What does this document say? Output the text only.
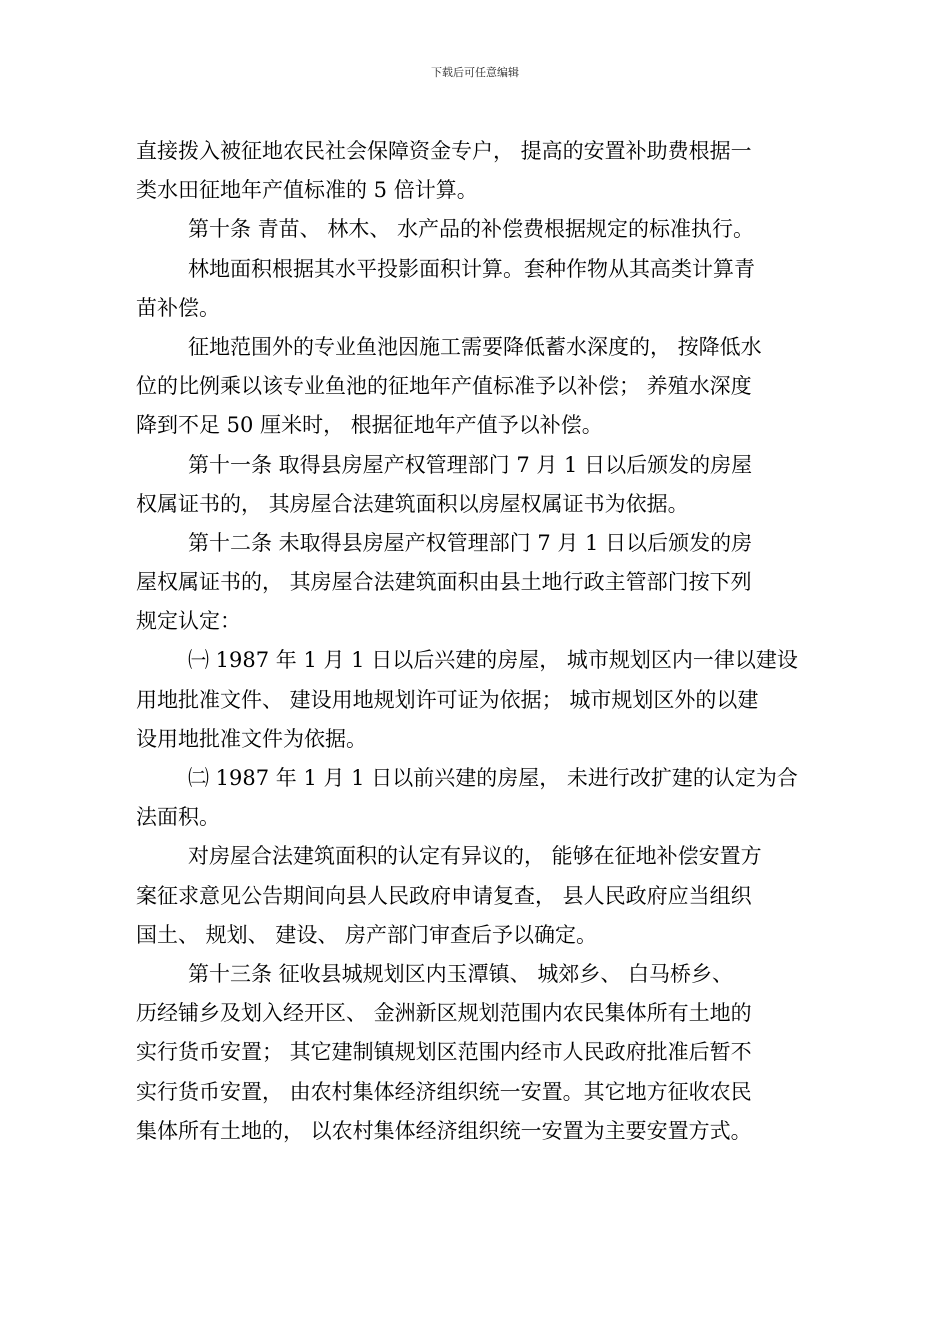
下载后可任意编辑
直接拨入被征地农民社会保障资金专户， 提高的安置补助费根据一
类水田征地年产值标准的 5 倍计算。
第十条 青苗、 林木、 水产品的补偿费根据规定的标准执行。
林地面积根据其水平投影面积计算。套种作物从其高类计算青
苗补偿。
征地范围外的专业鱼池因施工需要降低蓄水深度的， 按降低水
位的比例乘以该专业鱼池的征地年产值标准予以补偿； 养殖水深度
降到不足 50 厘米时， 根据征地年产值予以补偿。
第十一条 取得县房屋产权管理部门 7 月 1 日以后颁发的房屋
权属证书的， 其房屋合法建筑面积以房屋权属证书为依据。
第十二条 未取得县房屋产权管理部门 7 月 1 日以后颁发的房
屋权属证书的， 其房屋合法建筑面积由县土地行政主管部门按下列
规定认定：
㈠ 1987 年 1 月 1 日以后兴建的房屋， 城市规划区内一律以建设
用地批准文件、 建设用地规划许可证为依据； 城市规划区外的以建
设用地批准文件为依据。
㈡ 1987 年 1 月 1 日以前兴建的房屋， 未进行改扩建的认定为合
法面积。
对房屋合法建筑面积的认定有异议的， 能够在征地补偿安置方
案征求意见公告期间向县人民政府申请复查， 县人民政府应当组织
国土、 规划、 建设、 房产部门审查后予以确定。
第十三条 征收县城规划区内玉潭镇、 城郊乡、 白马桥乡、
历经铺乡及划入经开区、 金洲新区规划范围内农民集体所有土地的
实行货币安置； 其它建制镇规划区范围内经市人民政府批准后暂不
实行货币安置， 由农村集体经济组织统一安置。其它地方征收农民
集体所有土地的， 以农村集体经济组织统一安置为主要安置方式。
